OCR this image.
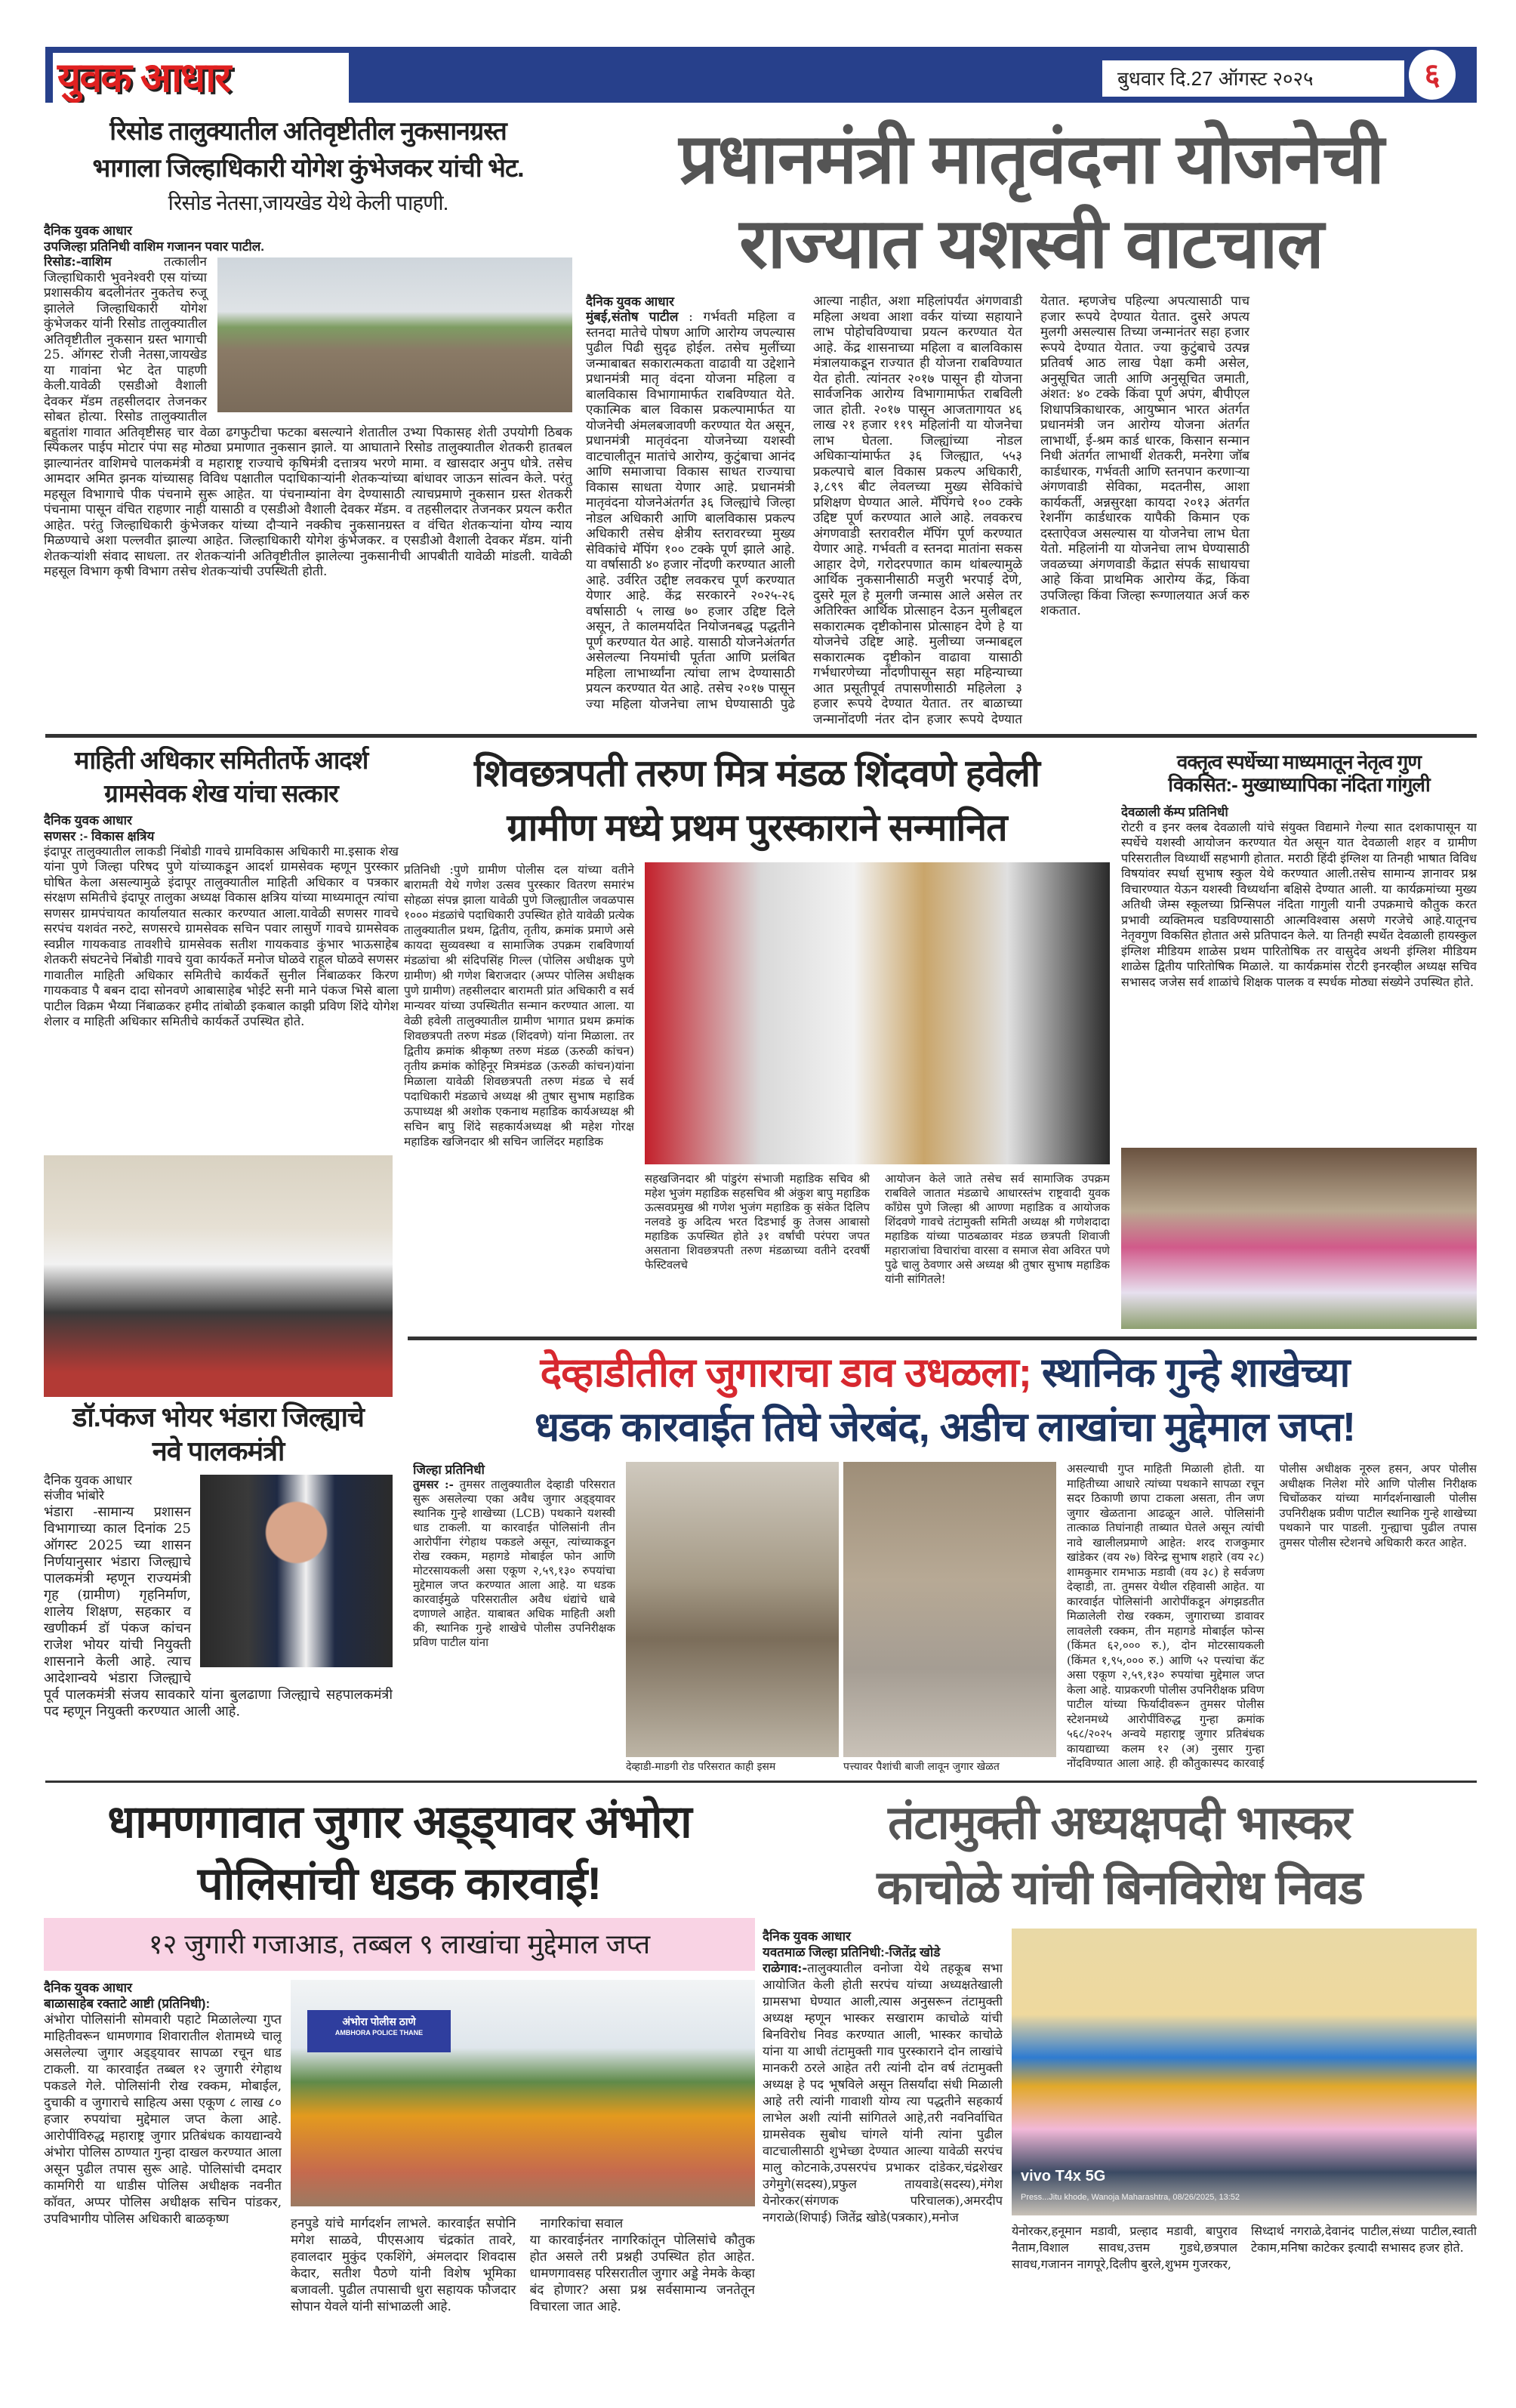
युवक आधार	बुधवार दि.27 ऑगस्ट २०२५	६
रिसोड तालुक्यातील अतिवृष्टीतील नुकसानग्रस्त
भागाला जिल्हाधिकारी योगेश कुंभेजकर यांची भेट.
रिसोड नेतसा,जायखेड येथे केली पाहणी.
दैनिक युवक आधार
उपजिल्हा प्रतिनिधी वाशिम गजानन पवार पाटील.
रिसोड:-वाशिम	तत्कालीन जिल्हाधिकारी भुवनेश्वरी एस यांच्या प्रशासकीय बदलीनंतर नुकतेच रुजू झालेले जिल्हाधिकारी योगेश कुंभेजकर यांनी रिसोड तालुक्यातील अतिवृष्टीतील नुकसान ग्रस्त भागाची 25. ऑगस्ट रोजी नेतसा,जायखेड या गावांना भेट देत पाहणी केली.यावेळी एसडीओ वैशाली देवकर मॅडम तहसीलदार तेजनकर सोबत होत्या. रिसोड तालुक्यातील बहुतांश गावात अतिवृष्टीसह चार वेळा ढगफुटीचा फटका बसल्याने शेतातील उभ्या पिकासह शेती उपयोगी ठिबक स्पिंकलर पाईप मोटार पंपा सह मोठ्या प्रमाणात नुकसान झाले. या आघाताने रिसोड तालुक्यातील शेतकरी हातबल झाल्यानंतर वाशिमचे पालकमंत्री व महाराष्ट्र राज्याचे कृषिमंत्री दत्तात्रय भरणे मामा. व खासदार अनुप धोत्रे. तसेच आमदार अमित झनक यांच्यासह विविध पक्षातील पदाधिकाऱ्यांनी शेतकऱ्यांच्या बांधावर जाऊन सांत्वन केले. परंतु महसूल विभागाचे पीक पंचनामे सुरू आहेत. या पंचनाम्यांना वेग देण्यासाठी त्याचप्रमाणे नुकसान ग्रस्त शेतकरी पंचनामा पासून वंचित राहणार नाही यासाठी व एसडीओ वैशाली देवकर मॅडम. व तहसीलदार तेजनकर प्रयत्न करीत आहेत. परंतु जिल्हाधिकारी कुंभेजकर यांच्या दौऱ्याने नक्कीच नुकसानग्रस्त व वंचित शेतकऱ्यांना योग्य न्याय मिळण्याचे अशा पल्लवीत झाल्या आहेत. जिल्हाधिकारी योगेश कुंभेजकर. व एसडीओ वैशाली देवकर मॅडम. यांनी शेतकऱ्यांशी संवाद साधला. तर शेतकऱ्यांनी अतिवृष्टीतील झालेल्या नुकसानीची आपबीती यावेळी मांडली. यावेळी महसूल विभाग कृषी विभाग तसेच शेतकऱ्यांची उपस्थिती होती.
प्रधानमंत्री मातृवंदना योजनेची
राज्यात यशस्वी वाटचाल
दैनिक युवक आधार
मुंबई,संतोष पाटील : गर्भवती महिला व स्तनदा मातेचे पोषण आणि आरोग्य जपल्यास पुढील पिढी सुदृढ होईल. तसेच मुलींच्या जन्माबाबत सकारात्मकता वाढावी या उद्देशाने प्रधानमंत्री मातृ वंदना योजना महिला व बालविकास विभागामार्फत राबविण्यात येते. एकात्मिक बाल विकास प्रकल्पामार्फत या योजनेची अंमलबजावणी करण्यात येत असून, प्रधानमंत्री मातृवंदना योजनेच्या यशस्वी वाटचालीतून मातांचे आरोग्य, कुटुंबाचा आनंद आणि समाजाचा विकास साधत राज्याचा विकास साधता येणार आहे. प्रधानमंत्री मातृवंदना योजनेअंतर्गत ३६ जिल्ह्यांचे जिल्हा नोडल अधिकारी आणि बालविकास प्रकल्प अधिकारी तसेच क्षेत्रीय स्तरावरच्या मुख्य सेविकांचे मॅपिंग १०० टक्के पूर्ण झाले आहे. या वर्षासाठी ४० हजार नोंदणी करण्यात आली आहे. उर्वरित उद्दीष्ट लवकरच पूर्ण करण्यात येणार आहे. केंद्र सरकारने २०२५-२६ वर्षासाठी ५ लाख ७० हजार उद्दिष्ट दिले असून, ते कालमर्यादेत नियोजनबद्ध पद्धतीने पूर्ण करण्यात येत आहे. यासाठी योजनेअंतर्गत असेलल्या नियमांची पूर्तता आणि प्रलंबित महिला लाभार्थ्यांना त्यांचा लाभ देण्यासाठी प्रयत्न करण्यात येत आहे. तसेच २०१७ पासून ज्या महिला योजनेचा लाभ घेण्यासाठी पुढे आल्या नाहीत, अशा महिलांपर्यंत अंगणवाडी महिला अथवा आशा वर्कर यांच्या सहायाने लाभ पोहोचविण्याचा प्रयत्न करण्यात येत आहे. केंद्र शासनाच्या महिला व बालविकास मंत्रालयाकडून राज्यात ही योजना राबविण्यात येत होती. त्यांनतर २०१७ पासून ही योजना सार्वजनिक आरोग्य विभागामार्फत राबविली जात होती. २०१७ पासून आजतागायत ४६ लाख २१ हजार ११९ महिलांनी या योजनेचा लाभ घेतला. जिल्ह्यांच्या नोडल अधिकाऱ्यांमार्फत ३६ जिल्ह्यात, ५५३ प्रकल्पाचे बाल विकास प्रकल्प अधिकारी, ३,८९९ बीट लेवलच्या मुख्य सेविकांचे प्रशिक्षण घेण्यात आले. मॅपिंगचे १०० टक्के उद्दिष्ट पूर्ण करण्यात आले आहे. लवकरच अंगणवाडी स्तरावरील मॅपिंग पूर्ण करण्यात येणार आहे. गर्भवती व स्तनदा मातांना सकस आहार देणे, गरोदरपणात काम थांबल्यामुळे आर्थिक नुकसानीसाठी मजुरी भरपाई देणे, दुसरे मूल हे मुलगी जन्मास आले असेल तर अतिरिक्त आर्थिक प्रोत्साहन देऊन मुलीबद्दल सकारात्मक दृष्टीकोनास प्रोत्साहन देणे हे या योजनेचे उद्दिष्ट आहे. मुलीच्या जन्माबद्दल सकारात्मक दृष्टीकोन वाढावा यासाठी गर्भधारणेच्या नोंदणीपासून सहा महिन्याच्या आत प्रसूतीपूर्व तपासणीसाठी महिलेला ३ हजार रूपये देण्यात येतात. तर बाळाच्या जन्मानोंदणी नंतर दोन हजार रूपये देण्यात येतात. म्हणजेच पहिल्या अपत्यासाठी पाच हजार रूपये देण्यात येतात. दुसरे अपत्य मुलगी असल्यास तिच्या जन्मानंतर सहा हजार रूपये देण्यात येतात. ज्या कुटुंबाचे उत्पन्न प्रतिवर्ष आठ लाख पेक्षा कमी असेल, अनुसूचित जाती आणि अनुसूचित जमाती, अंशत: ४० टक्के किंवा पूर्ण अपंग, बीपीएल शिधापत्रिकाधारक, आयुष्मान भारत अंतर्गत प्रधानमंत्री जन आरोग्य योजना अंतर्गत लाभार्थी, ई-श्रम कार्ड धारक, किसान सन्मान निधी अंतर्गत लाभार्थी शेतकरी, मनरेगा जॉब कार्डधारक, गर्भवती आणि स्तनपान करणाऱ्या अंगणवाडी सेविका, मदतनीस, आशा कार्यकर्ती, अन्नसुरक्षा कायदा २०१३ अंतर्गत रेशनींग कार्डधारक यापैकी किमान एक दस्ताऐवज असल्यास या योजनेचा लाभ घेता येतो. महिलांनी या योजनेचा लाभ घेण्यासाठी जवळच्या अंगणवाडी केंद्रात संपर्क साधायचा आहे किंवा प्राथमिक आरोग्य केंद्र, किंवा उपजिल्हा किंवा जिल्हा रूग्णालयात अर्ज करु शकतात.
माहिती अधिकार समितीतर्फे आदर्श
ग्रामसेवक शेख यांचा सत्कार
दैनिक युवक आधार
सणसर :- विकास क्षत्रिय
इंदापूर तालुक्यातील लाकडी निंबोडी गावचे ग्रामविकास अधिकारी मा.इसाक शेख यांना पुणे जिल्हा परिषद पुणे यांच्याकडून आदर्श ग्रामसेवक म्हणून पुरस्कार घोषित केला असल्यामुळे इंदापूर तालुक्यातील माहिती अधिकार व पत्रकार संरक्षण समितीचे इंदापूर तालुका अध्यक्ष विकास क्षत्रिय यांच्या माध्यमातून त्यांचा सणसर ग्रामपंचायत कार्यालयात सत्कार करण्यात आला.यावेळी सणसर गावचे सरपंच यशवंत नरुटे, सणसरचे ग्रामसेवक सचिन पवार लासुर्णे गावचे ग्रामसेवक स्वप्नील गायकवाड तावशीचे ग्रामसेवक सतीश गायकवाड कुंभार भाऊसाहेब शेतकरी संघटनेचे निंबोडी गावचे युवा कार्यकर्ते मनोज घोळवे राहूल घोळवे सणसर गावातील माहिती अधिकार समितीचे कार्यकर्ते सुनील निंबाळकर किरण गायकवाड पै बबन दादा सोनवणे आबासाहेब भोईटे सनी माने पंकज भिसे बाला पाटील विक्रम भैय्या निंबाळकर हमीद तांबोळी इकबाल काझी प्रविण शिंदे योगेश शेलार व माहिती अधिकार समितीचे कार्यकर्ते उपस्थित होते.
शिवछत्रपती तरुण मित्र मंडळ शिंदवणे हवेली
ग्रामीण मध्ये प्रथम पुरस्काराने सन्मानित
प्रतिनिधी :पुणे ग्रामीण पोलीस दल यांच्या वतीने बारामती येथे गणेश उत्सव पुरस्कार वितरण समारंभ सोहळा संपन्न झाला यावेळी पुणे जिल्ह्यातील जवळपास १००० मंडळांचे पदाधिकारी उपस्थित होते यावेळी प्रत्येक तालुक्यातील प्रथम, द्वितीय, तृतीय, क्रमांक प्रमाणे असे कायदा सुव्यवस्था व सामाजिक उपक्रम राबविणार्या मंडळांचा श्री संदिपसिंह गिल्ल (पोलिस अधीक्षक पुणे ग्रामीण) श्री गणेश बिराजदार (अप्पर पोलिस अधीक्षक पुणे ग्रामीण) तहसीलदार बारामती प्रांत अधिकारी व सर्व मान्यवर यांच्या उपस्थितीत सन्मान करण्यात आला. या वेळी हवेली तालुक्यातील ग्रामीण भागात प्रथम क्रमांक शिवछत्रपती तरुण मंडळ (शिंदवणे) यांना मिळाला. तर द्वितीय क्रमांक श्रीकृष्ण तरुण मंडळ (ऊरुळी कांचन) तृतीय क्रमांक कोहिनूर मित्रमंडळ (ऊरुळी कांचन)यांना मिळाला यावेळी शिवछत्रपती तरुण मंडळ चे सर्व पदाधिकारी मंडळाचे अध्यक्ष श्री तुषार सुभाष महाडिक ऊपाध्यक्ष श्री अशोक एकनाथ महाडिक कार्यअध्यक्ष श्री सचिन बापु शिंदे सहकार्यअध्यक्ष श्री महेश गोरक्ष महाडिक खजिनदार श्री सचिन जालिंदर महाडिक
सहखजिनदार श्री पांडुरंग संभाजी महाडिक सचिव श्री महेश भुजंग महाडिक सहसचिव श्री अंकुश बापु महाडिक ऊत्सवप्रमुख श्री गणेश भुजंग महाडिक कु संकेत दिलिप नलवडे कु अदित्य भरत दिडभाई कु तेजस आबासो महाडिक ऊपस्थित होते ३१ वर्षांची परंपरा जपत असताना शिवछत्रपती तरुण मंडळाच्या वतीने दरवर्षी फेस्टिवलचे
आयोजन केले जाते तसेच सर्व सामाजिक उपक्रम राबविले जातात मंडळाचे आधारस्तंभ राष्ट्रवादी युवक कॉंग्रेस पुणे जिल्हा श्री आण्णा महाडिक व आयोजक शिंदवणे गावचे तंटामुक्ती समिती अध्यक्ष श्री गणेशदादा महाडिक यांच्या पाठबळावर मंडळ छत्रपती शिवाजी महाराजांचा विचारांचा वारसा व समाज सेवा अविरत पणे पुढे चालु ठेवणार असे अध्यक्ष श्री तुषार सुभाष महाडिक यांनी सांगितले!
वक्तृत्व स्पर्धेच्या माध्यमातून नेतृत्व गुण
विकसित:- मुख्याध्यापिका नंदिता गांगुली
देवळाली कॅम्प प्रतिनिधी
रोटरी व इनर क्लब देवळाली यांचे संयुक्त विद्यमाने गेल्या सात दशकापासून या स्पर्धेचे यशस्वी आयोजन करण्यात येत असून यात देवळाली शहर व ग्रामीण परिसरातील विध्यार्थी सहभागी होतात. मराठी हिंदी इंग्लिश या तिनही भाषात विविध विषयांवर स्पर्धा सुभाष स्कुल येथे करण्यात आली.तसेच सामान्य ज्ञानावर प्रश्न विचारण्यात येऊन यशस्वी विध्यर्थाना बक्षिसे देण्यात आली. या कार्यक्रमांच्या मुख्य अतिथी जेम्स स्कूलच्या प्रिन्सिपल नंदिता गागुली यानी उपक्रमाचे कौतुक करत प्रभावी व्यक्तिमत्व घडविण्यासाठी आत्मविश्वास असणे गरजेचे आहे.यातूनच नेतृवगुण विकसित होतात असे प्रतिपादन केले. या तिनही स्पर्थेत देवळाली हायस्कुल इंग्लिश मीडियम शाळेस प्रथम पारितोषिक तर वासुदेव अथनी इंग्लिश मीडियम शाळेस द्वितीय पारितोषिक मिळाले. या कार्यक्रमांस रोटरी इनरव्हील अध्यक्ष सचिव सभासद जजेस सर्व शाळांचे शिक्षक पालक व स्पर्धक मोठ्या संख्येने उपस्थित होते.
डॉ.पंकज भोयर भंडारा जिल्ह्याचे
नवे पालकमंत्री
दैनिक युवक आधार
संजीव भांबोरे
भंडारा -सामान्य प्रशासन विभागाच्या काल दिनांक 25 ऑगस्ट 2025 च्या शासन निर्णयानुसार भंडारा जिल्ह्याचे पालकमंत्री म्हणून राज्यमंत्री गृह (ग्रामीण) गृहनिर्माण, शालेय शिक्षण, सहकार व खणीकर्म डॉ पंकज कांचन राजेश भोयर यांची नियुक्ती शासनाने केली आहे. त्याच आदेशान्वये भंडारा जिल्ह्याचे पूर्व पालकमंत्री संजय सावकारे यांना बुलढाणा जिल्ह्याचे सहपालकमंत्री पद म्हणून नियुक्ती करण्यात आली आहे.
देव्हाडीतील जुगाराचा डाव उधळला; स्थानिक गुन्हे शाखेच्या
धडक कारवाईत तिघे जेरबंद, अडीच लाखांचा मुद्देमाल जप्त!
जिल्हा प्रतिनिधी
तुमसर :- तुमसर तालुक्यातील देव्हाडी परिसरात सुरू असलेल्या एका अवैध जुगार अड्ड्यावर स्थानिक गुन्हे शाखेच्या (LCB) पथकाने यशस्वी धाड टाकली. या कारवाईत पोलिसांनी तीन आरोपींना रंगेहाथ पकडले असून, त्यांच्याकडून रोख रक्कम, महागडे मोबाईल फोन आणि मोटरसायकली असा एकूण २,५९,१३० रुपयांचा मुद्देमाल जप्त करण्यात आला आहे. या धडक कारवाईमुळे परिसरातील अवैध धंद्यांचे धाबे दणाणले आहेत. याबाबत अधिक माहिती अशी की, स्थानिक गुन्हे शाखेचे पोलीस उपनिरीक्षक प्रविण पाटील यांना
देव्हाडी-माडगी रोड परिसरात काही इसम	पत्त्यावर पैशांची बाजी लावून जुगार खेळत
असल्याची गुप्त माहिती मिळाली होती. या माहितीच्या आधारे त्यांच्या पथकाने सापळा रचून सदर ठिकाणी छापा टाकला असता, तीन जण जुगार खेळताना आढळून आले. पोलिसांनी तात्काळ तिघांनाही ताब्यात घेतले असून त्यांची नावे खालीलप्रमाणे आहेत: शरद राजकुमार खांडेकर (वय २७) विरेन्द्र सुभाष शहारे (वय २८) शामकुमार रामभाऊ मडावी (वय ३८) हे सर्वजण देव्हाडी, ता. तुमसर येथील रहिवासी आहेत. या कारवाईत पोलिसांनी आरोपींकडून अंगझडतीत मिळालेली रोख रक्कम, जुगाराच्या डावावर लावलेली रक्कम, तीन महागडे मोबाईल फोन्स (किंमत ६२,००० रु.), दोन मोटरसायकली (किंमत १,९५,००० रु.) आणि ५२ पत्त्यांचा कॅट असा एकूण २,५९,१३० रुपयांचा मुद्देमाल जप्त केला आहे. याप्रकरणी पोलीस उपनिरीक्षक प्रविण पाटील यांच्या फिर्यादीवरून तुमसर पोलीस स्टेशनमध्ये आरोपींविरुद्ध गुन्हा क्रमांक ५६८/२०२५ अन्वये महाराष्ट्र जुगार प्रतिबंधक कायद्याच्या कलम १२ (अ) नुसार गुन्हा नोंदविण्यात आला आहे. ही कौतुकास्पद कारवाई पोलीस अधीक्षक नूरुल हसन, अपर पोलीस अधीक्षक निलेश मोरे आणि पोलीस निरीक्षक चिचोंळकर यांच्या मार्गदर्शनाखाली पोलीस उपनिरीक्षक प्रवीण पाटील स्थानिक गुन्हे शाखेच्या पथकाने पार पाडली. गुन्ह्याचा पुढील तपास तुमसर पोलीस स्टेशनचे अधिकारी करत आहेत.
धामणगावात जुगार अड्ड्यावर अंभोरा
पोलिसांची धडक कारवाई!
१२ जुगारी गजाआड, तब्बल ९ लाखांचा मुद्देमाल जप्त
दैनिक युवक आधार
बाळासाहेब रक्ताटे आष्टी (प्रतिनिधी):
अंभोरा पोलिसांनी सोमवारी पहाटे मिळालेल्या गुप्त माहितीवरून धामणगाव शिवारातील शेतामध्ये चालू असलेल्या जुगार अड्ड्यावर सापळा रचून धाड टाकली. या कारवाईत तब्बल १२ जुगारी रंगेहाथ पकडले गेले. पोलिसांनी रोख रक्कम, मोबाईल, दुचाकी व जुगाराचे साहित्य असा एकूण ८ लाख ८० हजार रुपयांचा मुद्देमाल जप्त केला आहे. आरोपींविरुद्ध महाराष्ट्र जुगार प्रतिबंधक कायद्यान्वये अंभोरा पोलिस ठाण्यात गुन्हा दाखल करण्यात आला असून पुढील तपास सुरू आहे. पोलिसांची दमदार कामगिरी या धाडीस पोलिस अधीक्षक नवनीत कॉवत, अप्पर पोलिस अधीक्षक सचिन पांडकर, उपविभागीय पोलिस अधिकारी बाळकृष्ण
अंभोरा पोलीस ठाणे
AMBHORA POLICE THANE
हनपुडे यांचे मार्गदर्शन लाभले. कारवाईत सपोनि मगेश साळवे, पीएसआय चंद्रकांत तावरे, हवालदार मुकुंद एकशिंगे, अंमलदार शिवदास केदार, सतीश पैठणे यांनी विशेष भूमिका बजावली. पुढील तपासाची धुरा सहायक फौजदार सोपान येवले यांनी सांभाळली आहे.
नागरिकांचा सवाल
या कारवाईनंतर नागरिकांतून पोलिसांचे कौतुक होत असले तरी प्रश्नही उपस्थित होत आहेत. धामणगावसह परिसरातील जुगार अड्डे नेमके केव्हा बंद होणार? असा प्रश्न सर्वसामान्य जनतेतून विचारला जात आहे.
तंटामुक्ती अध्यक्षपदी भास्कर
काचोळे यांची बिनविरोध निवड
दैनिक युवक आधार
यवतमाळ जिल्हा प्रतिनिधी:-जितेंद्र खोडे
राळेगाव:-तालुक्यातील वनोजा येथे तहकूब सभा आयोजित केली होती सरपंच यांच्या अध्यक्षतेखाली ग्रामसभा घेण्यात आली,त्यास अनुसरून तंटामुक्ती अध्यक्ष म्हणून भास्कर सखाराम काचोळे यांची बिनविरोध निवड करण्यात आली, भास्कर काचोळे यांना या आधी तंटामुक्ती गाव पुरस्काराने दोन लाखांचे मानकरी ठरले आहेत तरी त्यांनी दोन वर्ष तंटामुक्ती अध्यक्ष हे पद भूषविले असून तिसर्यांदा संधी मिळाली आहे तरी त्यांनी गावाशी योग्य त्या पद्धतीने सहकार्य लाभेल अशी त्यांनी सांगितले आहे,तरी नवनिर्वाचित ग्रामसेवक सुबोध चांगले यांनी त्यांना पुढील वाटचालीसाठी शुभेच्छा देण्यात आल्या यावेळी सरपंच मालु कोटनाके,उपसरपंच प्रभाकर दांडेकर,चंद्रशेखर उगेमुगे(सदस्य),प्रफुल तायवाडे(सदस्य),मंगेश येनोरकर(संगणक परिचालक),अमरदीप नगराळे(शिपाई) जितेंद्र खोडे(पत्रकार),मनोज
vivo T4x 5G
Press...Jitu khode, Wanoja Maharashtra, 08/26/2025, 13:52
येनोरकर,हनूमान मडावी, प्रल्हाद मडावी, बापुराव नैताम,विशाल सावध,उत्तम गुडधे,छत्रपाल सावध,गजानन नागपूरे,दिलीप बुरले,शुभम गुजरकर,
सिध्दार्थ नगराळे,देवानंद पाटील,संध्या पाटील,स्वाती टेकाम,मनिषा काटेकर इत्यादी सभासद हजर होते.
